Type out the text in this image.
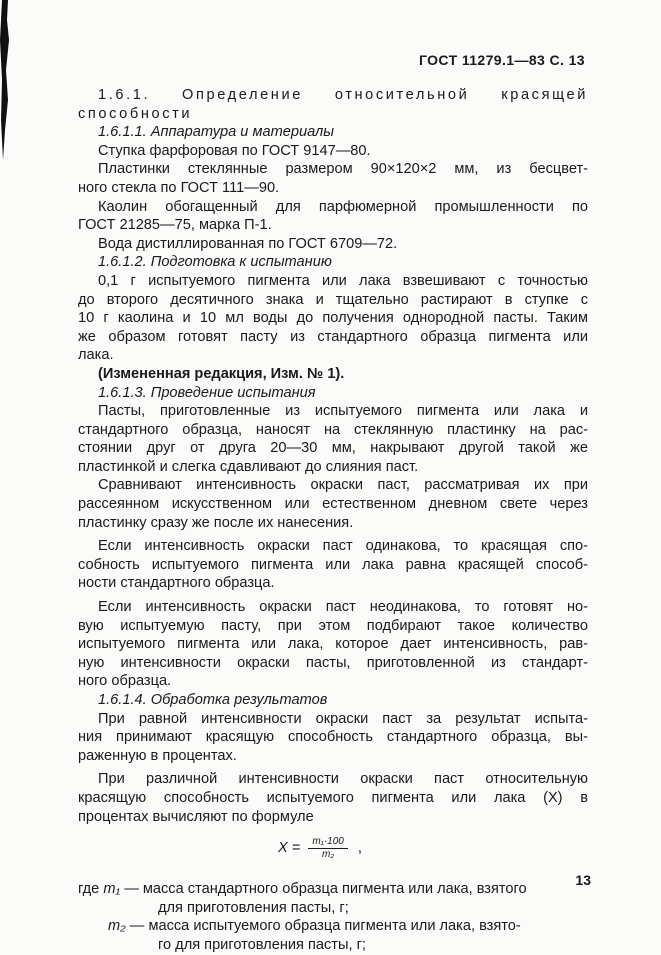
ГОСТ 11279.1—83 С. 13
1.6.1. Определение относительной красящей
способности
1.6.1.1. Аппаратура и материалы
Ступка фарфоровая по ГОСТ 9147—80.
Пластинки стеклянные размером 90×120×2 мм, из бесцвет-
ного стекла по ГОСТ 111—90.
Каолин обогащенный для парфюмерной промышленности по
ГОСТ 21285—75, марка П-1.
Вода дистиллированная по ГОСТ 6709—72.
1.6.1.2. Подготовка к испытанию
0,1 г испытуемого пигмента или лака взвешивают с точностью
до второго десятичного знака и тщательно растирают в ступке с
10 г каолина и 10 мл воды до получения однородной пасты. Таким
же образом готовят пасту из стандартного образца пигмента или
лака.
(Измененная редакция, Изм. № 1).
1.6.1.3. Проведение испытания
Пасты, приготовленные из испытуемого пигмента или лака и
стандартного образца, наносят на стеклянную пластинку на рас-
стоянии друг от друга 20—30 мм, накрывают другой такой же
пластинкой и слегка сдавливают до слияния паст.
Сравнивают интенсивность окраски паст, рассматривая их при
рассеянном искусственном или естественном дневном свете через
пластинку сразу же после их нанесения.
Если интенсивность окраски паст одинакова, то красящая спо-
собность испытуемого пигмента или лака равна красящей способ-
ности стандартного образца.
Если интенсивность окраски паст неодинакова, то готовят но-
вую испытуемую пасту, при этом подбирают такое количество
испытуемого пигмента или лака, которое дает интенсивность, рав-
ную интенсивности окраски пасты, приготовленной из стандарт-
ного образца.
1.6.1.4. Обработка результатов
При равной интенсивности окраски паст за результат испыта-
ния принимают красящую способность стандартного образца, вы-
раженную в процентах.
При различной интенсивности окраски паст относительную
красящую способность испытуемого пигмента или лака (X) в
процентах вычисляют по формуле
$X = \frac{\text{m₁·100}}{\text{m₂}}$ ,
где m₁ — масса стандартного образца пигмента или лака, взятого
для приготовления пасты, г;
m₂ — масса испытуемого образца пигмента или лака, взято-
го для приготовления пасты, г;
13
